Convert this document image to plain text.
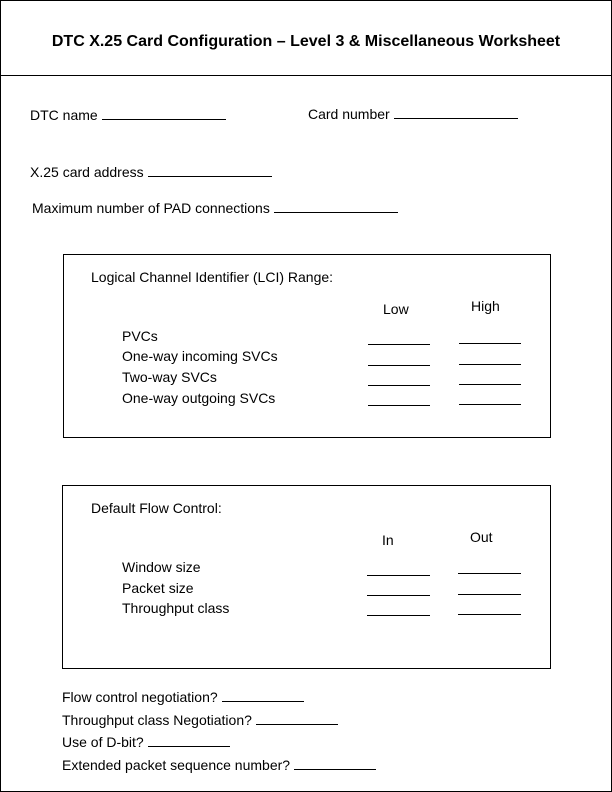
DTC X.25 Card Configuration – Level 3 & Miscellaneous Worksheet
DTC name	Card number
X.25 card address
Maximum number of PAD connections
Logical Channel Identifier (LCI) Range:
Low	High
PVCs
One-way incoming SVCs
Two-way SVCs
One-way outgoing SVCs
Default Flow Control:
In	Out
Window size
Packet size
Throughput class
Flow control negotiation?
Throughput class Negotiation?
Use of D-bit?
Extended packet sequence number?
